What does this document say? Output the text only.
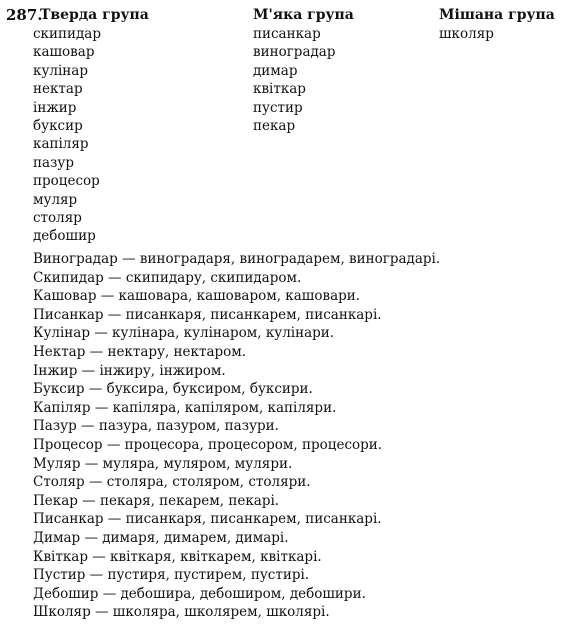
287.
Тверда група	М'яка група	Мішана група
скипидар
кашовар
кулінар
нектар
інжир
буксир
капіляр
пазур
процесор
муляр
столяр
дебошир
писанкар
виноградар
димар
квіткар
пустир
пекар
школяр
Виноградар — виноградаря, виноградарем, виноградарі.
Скипидар — скипидару, скипидаром.
Кашовар — кашовара, кашоваром, кашовари.
Писанкар — писанкаря, писанкарем, писанкарі.
Кулінар — кулінара, кулінаром, кулінари.
Нектар — нектару, нектаром.
Інжир — інжиру, інжиром.
Буксир — буксира, буксиром, буксири.
Капіляр — капіляра, капіляром, капіляри.
Пазур — пазура, пазуром, пазури.
Процесор — процесора, процесором, процесори.
Муляр — муляра, муляром, муляри.
Столяр — столяра, столяром, столяри.
Пекар — пекаря, пекарем, пекарі.
Писанкар — писанкаря, писанкарем, писанкарі.
Димар — димаря, димарем, димарі.
Квіткар — квіткаря, квіткарем, квіткарі.
Пустир — пустиря, пустирем, пустирі.
Дебошир — дебошира, дебоширом, дебошири.
Школяр — школяра, школярем, школярі.
